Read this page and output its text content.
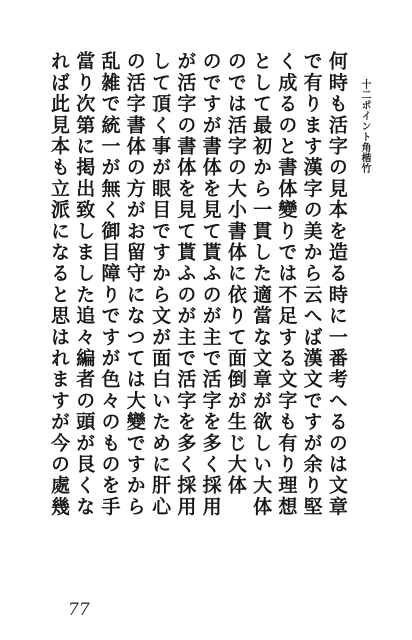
十二ポイント角楷竹
何時も活字の見本を造る時に一番考へるのは文章
で有ります漢字の美から云へば漢文ですが余り堅
く成るのと書体變りでは不足する文字も有り理想
として最初から一貫した適當な文章が欲しい大体
のでは活字の大小書体に依りて面倒が生じ大体
のですが書体を見て貰ふのが主で活字を多く採用
が活字の書体を見て貰ふのが主で活字を多く採用
して頂く事が眼目ですから文が面白いために肝心
の活字書体の方がお留守になつては大變ですから
乱雑で統一が無く御目障りですが色々のものを手
當り次第に掲出致しました追々編者の頭が艮くな
れば此見本も立派になると思はれますが今の處幾
77
